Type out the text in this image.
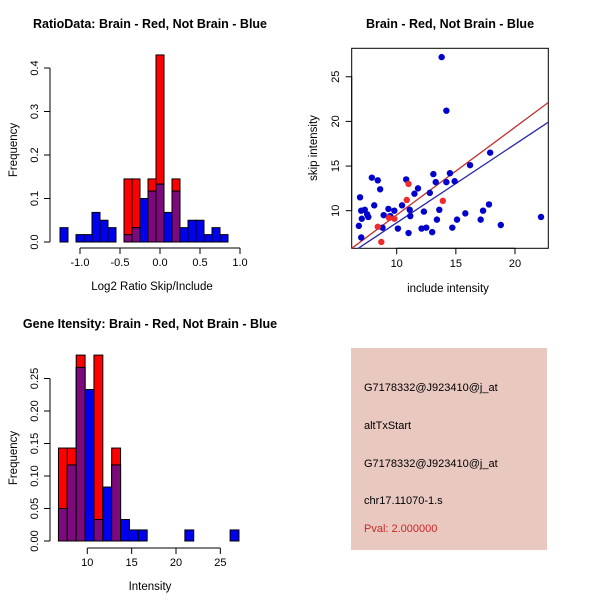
RatioData: Brain - Red, Not Brain - Blue
-1.0 -0.5 0.0 0.5 1.0
0.0
0.1
0.2
0.3
0.4
Log2 Ratio Skip/Include
Frequency
Brain - Red, Not Brain - Blue
10	15	20
10
15
20
25
include intensity
skip intensity
Gene Itensity: Brain - Red, Not Brain - Blue
10	15	20	25
0.00
0.05
0.10
0.15
0.20
0.25
Intensity
Frequency

G7178332@J923410@j_at

altTxStart

G7178332@J923410@j_at

chr17.11070-1.s

Pval: 2.000000
